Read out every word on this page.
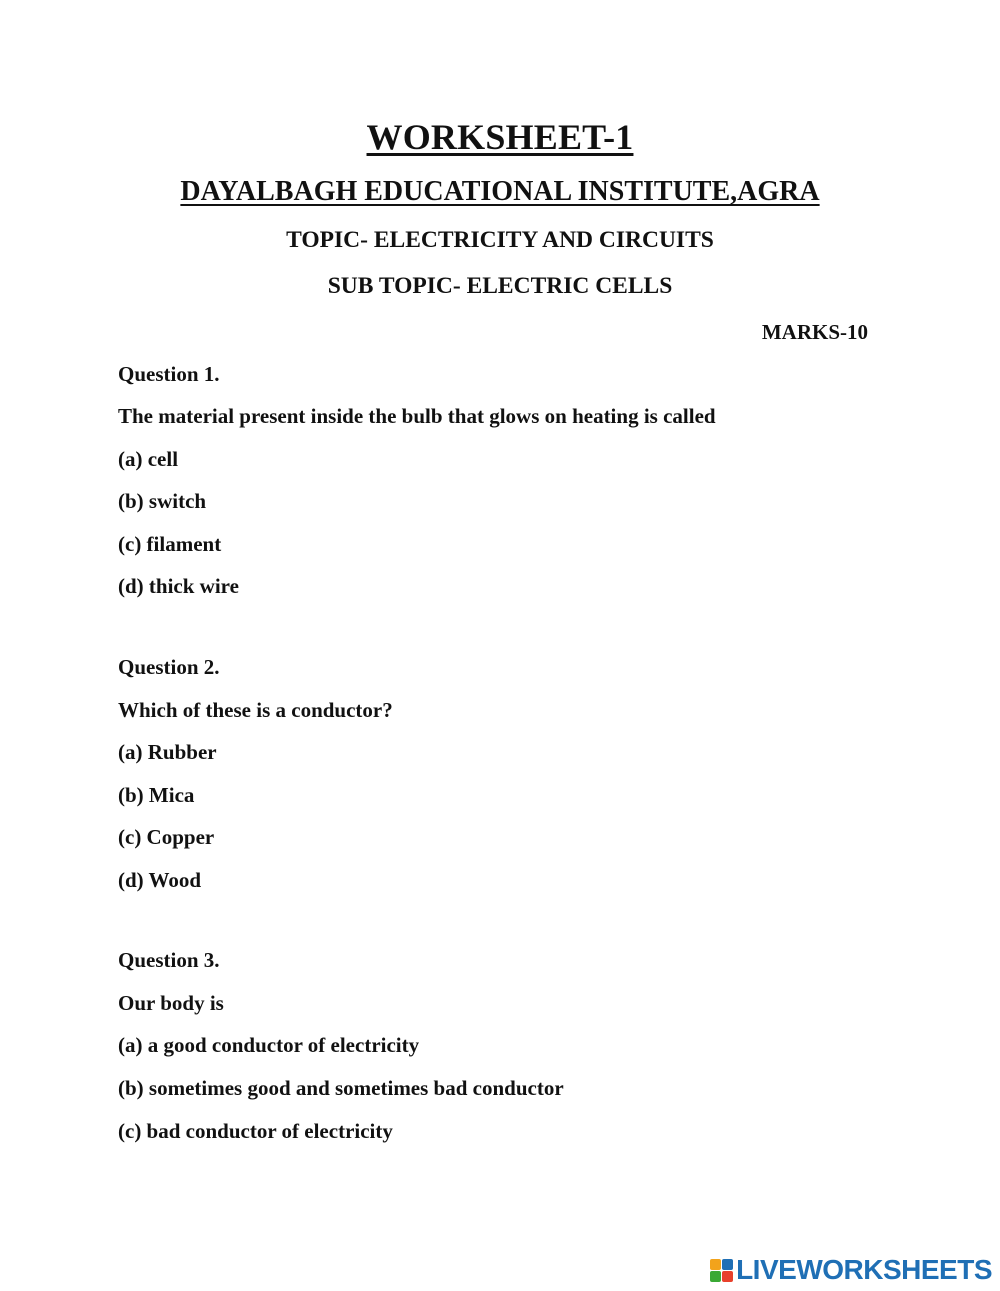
WORKSHEET-1
DAYALBAGH EDUCATIONAL INSTITUTE,AGRA
TOPIC- ELECTRICITY AND CIRCUITS
SUB TOPIC- ELECTRIC CELLS
MARKS-10
Question 1.
The material present inside the bulb that glows on heating is called
(a) cell
(b) switch
(c) filament
(d) thick wire
Question 2.
Which of these is a conductor?
(a) Rubber
(b) Mica
(c) Copper
(d) Wood
Question 3.
Our body is
(a) a good conductor of electricity
(b) sometimes good and sometimes bad conductor
(c) bad conductor of electricity
LIVEWORKSHEETS
